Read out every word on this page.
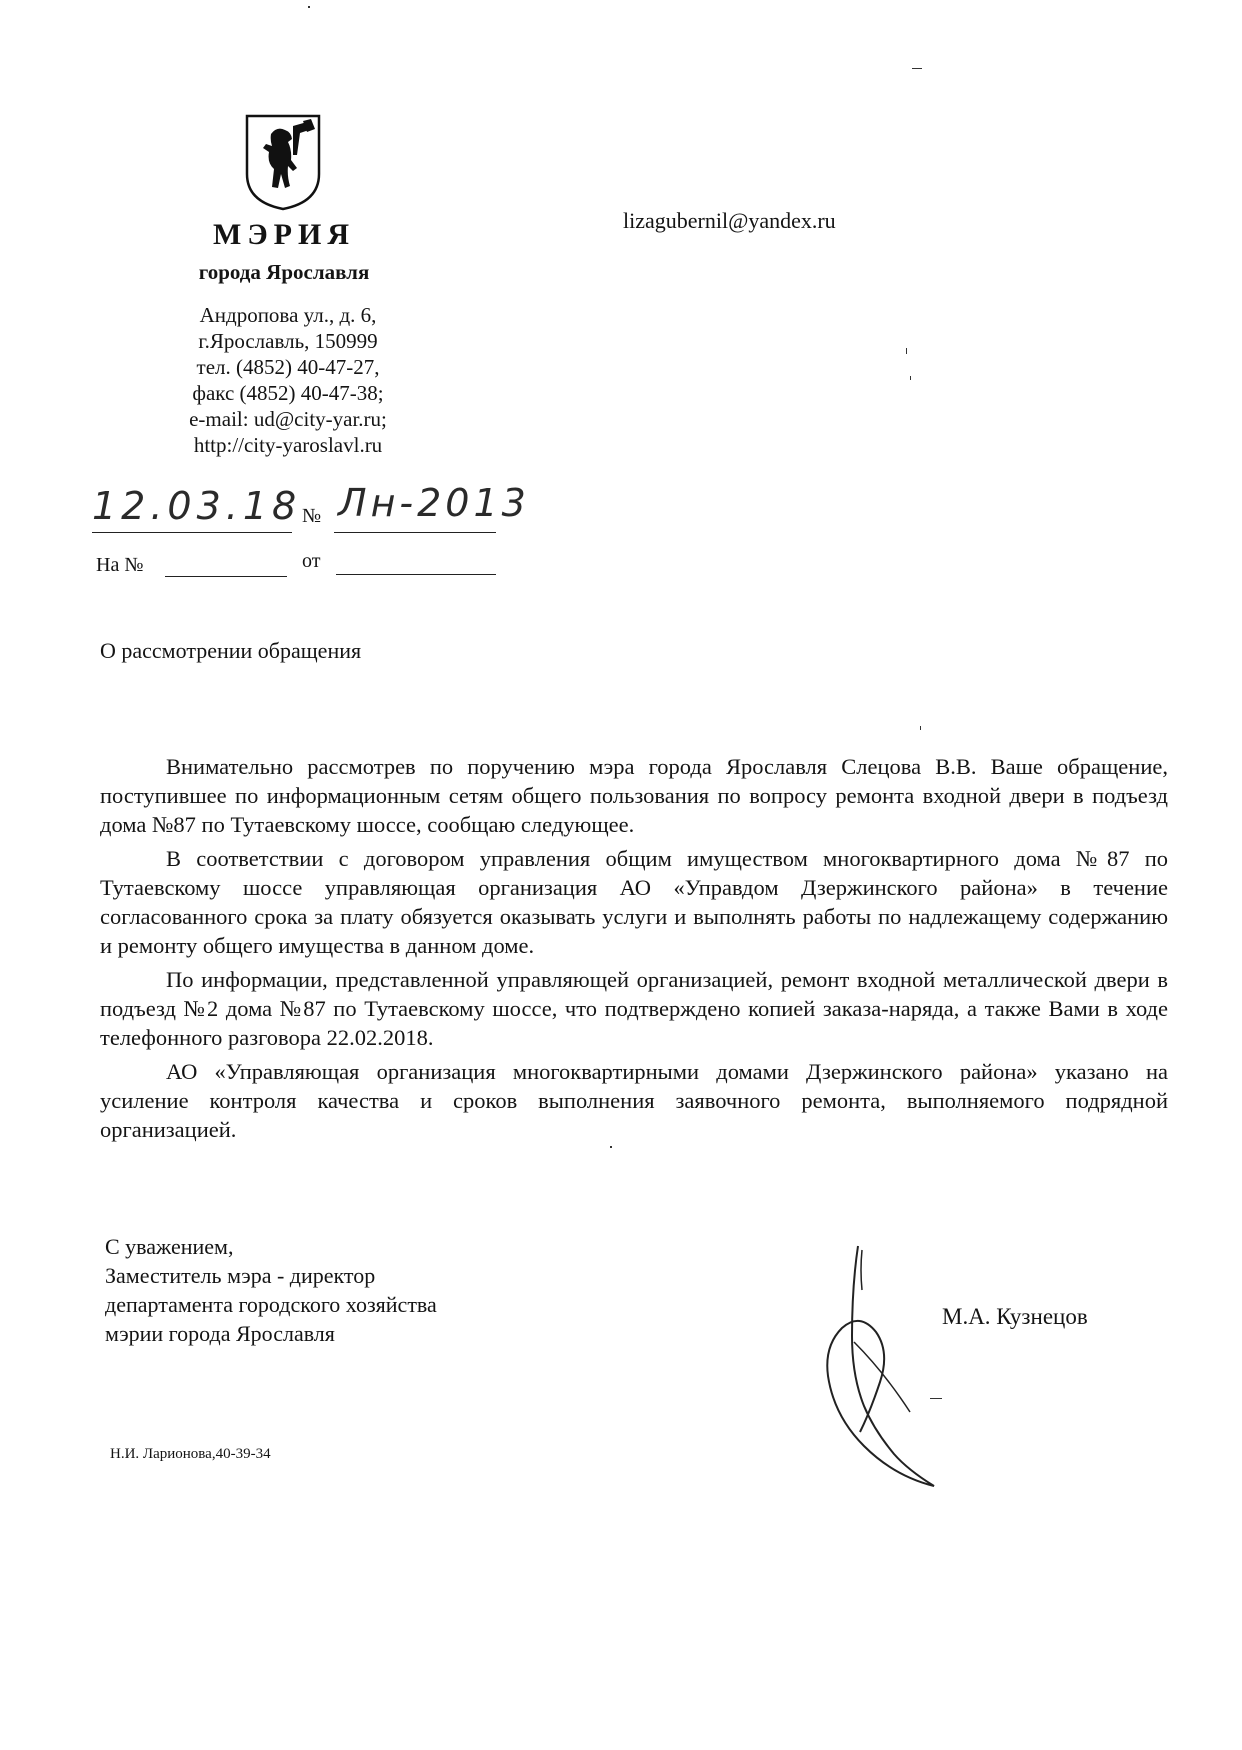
МЭРИЯ
города Ярославля
Андропова ул., д. 6,
г.Ярославль, 150999
тел. (4852) 40-47-27,
факс (4852) 40-47-38;
e-mail: ud@city-yar.ru;
http://city-yaroslavl.ru
lizagubernil@yandex.ru
12.03.18 № Лн-2013
На №	от
О рассмотрении обращения

Внимательно рассмотрев по поручению мэра города Ярославля Слецова В.В. Ваше обращение, поступившее по информационным сетям общего пользования по вопросу ремонта входной двери в подъезд дома №87 по Тутаевскому шоссе, сообщаю следующее.

В соответствии с договором управления общим имуществом многоквартирного дома №87 по Тутаевскому шоссе управляющая организация АО «Управдом Дзержинского района» в течение согласованного срока за плату обязуется оказывать услуги и выполнять работы по надлежащему содержанию и ремонту общего имущества в данном доме.

По информации, представленной управляющей организацией, ремонт входной металлической двери в подъезд №2 дома №87 по Тутаевскому шоссе, что подтверждено копией заказа-наряда, а также Вами в ходе телефонного разговора 22.02.2018.

АО «Управляющая организация многоквартирными домами Дзержинского района» указано на усиление контроля качества и сроков выполнения заявочного ремонта, выполняемого подрядной организацией.

С уважением,
Заместитель мэра - директор
департамента городского хозяйства
мэрии города Ярославля
М.А. Кузнецов
Н.И. Ларионова,40-39-34
